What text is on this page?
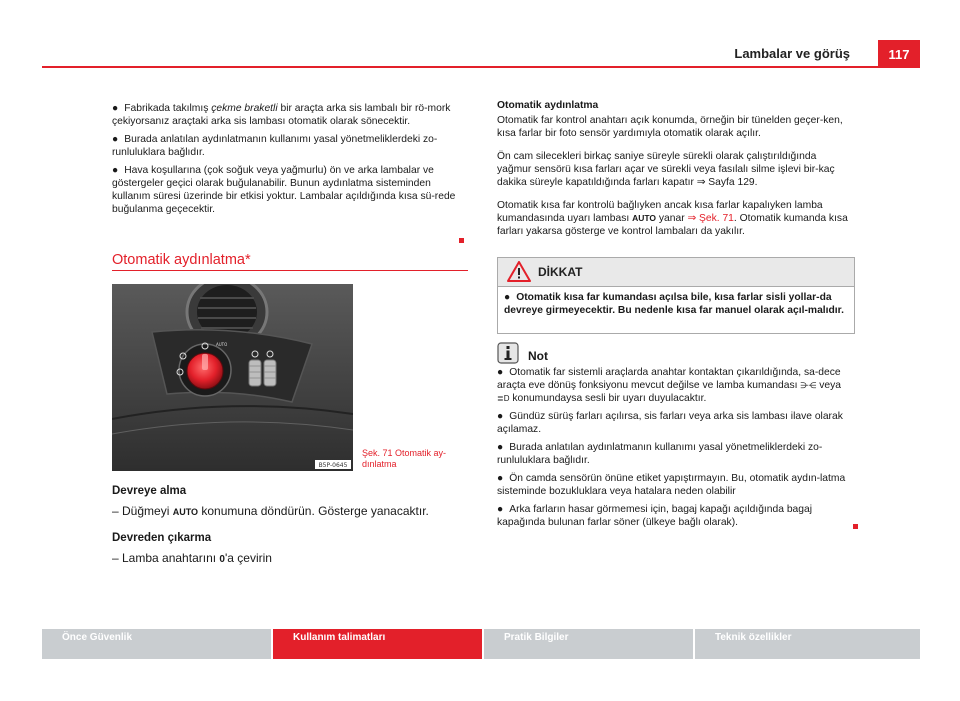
Lambalar ve görüş	117

● Fabrikada takılmış çekme braketli bir araçta arka sis lambalı bir rö-mork çekiyorsanız araçtaki arka sis lambası otomatik olarak sönecektir.

● Burada anlatılan aydınlatmanın kullanımı yasal yönetmeliklerdeki zo-runluluklara bağlıdır.

● Hava koşullarına (çok soğuk veya yağmurlu) ön ve arka lambalar ve göstergeler geçici olarak buğulanabilir. Bunun aydınlatma sisteminden kullanım süresi üzerinde bir etkisi yoktur. Lambalar açıldığında kısa sü-rede buğulanma geçecektir.

Otomatik aydınlatma*
AUTO
B5P-0645
Şek. 71 Otomatik ay-dınlatma

Devreye alma

– Düğmeyi AUTO konumuna döndürün. Gösterge yanacaktır.

Devreden çıkarma

– Lamba anahtarını 0'a çevirin

Otomatik aydınlatma

Otomatik far kontrol anahtarı açık konumda, örneğin bir tünelden geçer-ken, kısa farlar bir foto sensör yardımıyla otomatik olarak açılır.

Ön cam silecekleri birkaç saniye süreyle sürekli olarak çalıştırıldığında yağmur sensörü kısa farları açar ve sürekli veya fasılalı silme işlevi bir-kaç dakika süreyle kapatıldığında farları kapatır ⇒ Sayfa 129.

Otomatik kısa far kontrolü bağlıyken ancak kısa farlar kapalıyken lamba kumandasında uyarı lambası AUTO yanar ⇒ Şek. 71. Otomatik kumanda kısa farları yakarsa gösterge ve kontrol lambaları da yakılır.

DİKKAT
● Otomatik kısa far kumandası açılsa bile, kısa farlar sisli yollar-da devreye girmeyecektir. Bu nedenle kısa far manuel olarak açıl-malıdır.
Not

● Otomatik far sistemli araçlarda anahtar kontaktan çıkarıldığında, sa-dece araçta eve dönüş fonksiyonu mevcut değilse ve lamba kumandası ⋺⋲ veya ≣D konumundaysa sesli bir uyarı duyulacaktır.

● Gündüz sürüş farları açılırsa, sis farları veya arka sis lambası ilave olarak açılamaz.

● Burada anlatılan aydınlatmanın kullanımı yasal yönetmeliklerdeki zo-runluluklara bağlıdır.

● Ön camda sensörün önüne etiket yapıştırmayın. Bu, otomatik aydın-latma sisteminde bozukluklara veya hatalara neden olabilir

● Arka farların hasar görmemesi için, bagaj kapağı açıldığında bagaj kapağında bulunan farlar söner (ülkeye bağlı olarak).

Önce Güvenlik	Kullanım talimatları	Pratik Bilgiler	Teknik özellikler
